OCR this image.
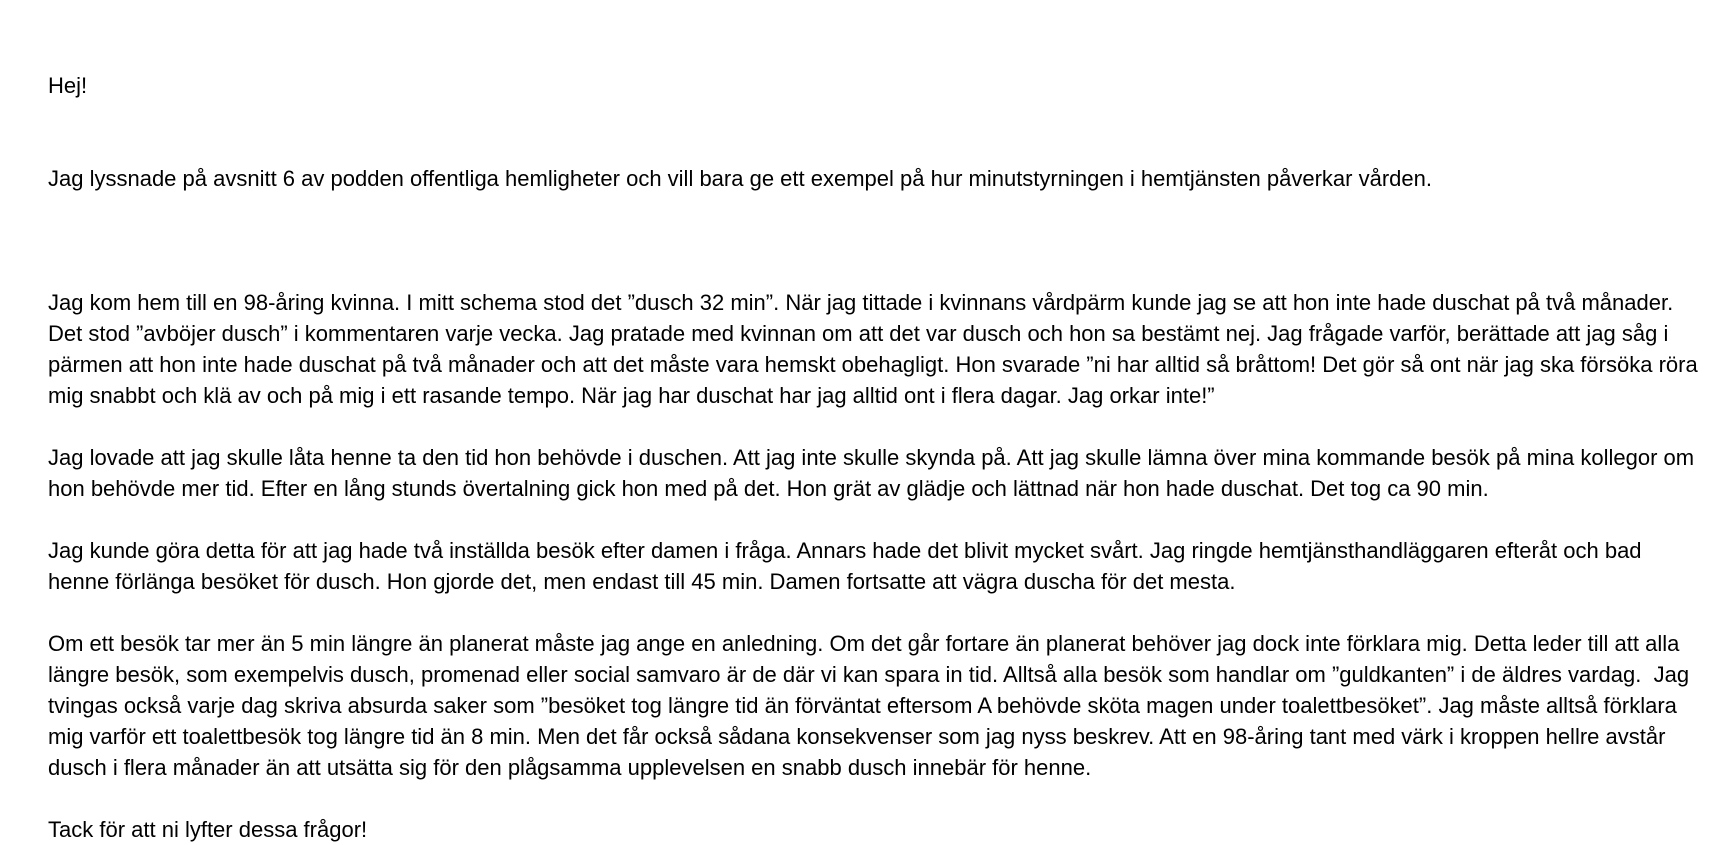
Hej!

Jag lyssnade på avsnitt 6 av podden offentliga hemligheter och vill bara ge ett exempel på hur minutstyrningen i hemtjänsten påverkar vården.

Jag kom hem till en 98-åring kvinna. I mitt schema stod det ”dusch 32 min”. När jag tittade i kvinnans vårdpärm kunde jag se att hon inte hade duschat på två månader. Det stod ”avböjer dusch” i kommentaren varje vecka. Jag pratade med kvinnan om att det var dusch och hon sa bestämt nej. Jag frågade varför, berättade att jag såg i pärmen att hon inte hade duschat på två månader och att det måste vara hemskt obehagligt. Hon svarade ”ni har alltid så bråttom! Det gör så ont när jag ska försöka röra mig snabbt och klä av och på mig i ett rasande tempo. När jag har duschat har jag alltid ont i flera dagar. Jag orkar inte!”

Jag lovade att jag skulle låta henne ta den tid hon behövde i duschen. Att jag inte skulle skynda på. Att jag skulle lämna över mina kommande besök på mina kollegor om hon behövde mer tid. Efter en lång stunds övertalning gick hon med på det. Hon grät av glädje och lättnad när hon hade duschat. Det tog ca 90 min.

Jag kunde göra detta för att jag hade två inställda besök efter damen i fråga. Annars hade det blivit mycket svårt. Jag ringde hemtjänsthandläggaren efteråt och bad henne förlänga besöket för dusch. Hon gjorde det, men endast till 45 min. Damen fortsatte att vägra duscha för det mesta.

Om ett besök tar mer än 5 min längre än planerat måste jag ange en anledning. Om det går fortare än planerat behöver jag dock inte förklara mig. Detta leder till att alla längre besök, som exempelvis dusch, promenad eller social samvaro är de där vi kan spara in tid. Alltså alla besök som handlar om ”guldkanten” i de äldres vardag.  Jag tvingas också varje dag skriva absurda saker som ”besöket tog längre tid än förväntat eftersom A behövde sköta magen under toalettbesöket”. Jag måste alltså förklara mig varför ett toalettbesök tog längre tid än 8 min. Men det får också sådana konsekvenser som jag nyss beskrev. Att en 98-åring tant med värk i kroppen hellre avstår dusch i flera månader än att utsätta sig för den plågsamma upplevelsen en snabb dusch innebär för henne.

Tack för att ni lyfter dessa frågor!
